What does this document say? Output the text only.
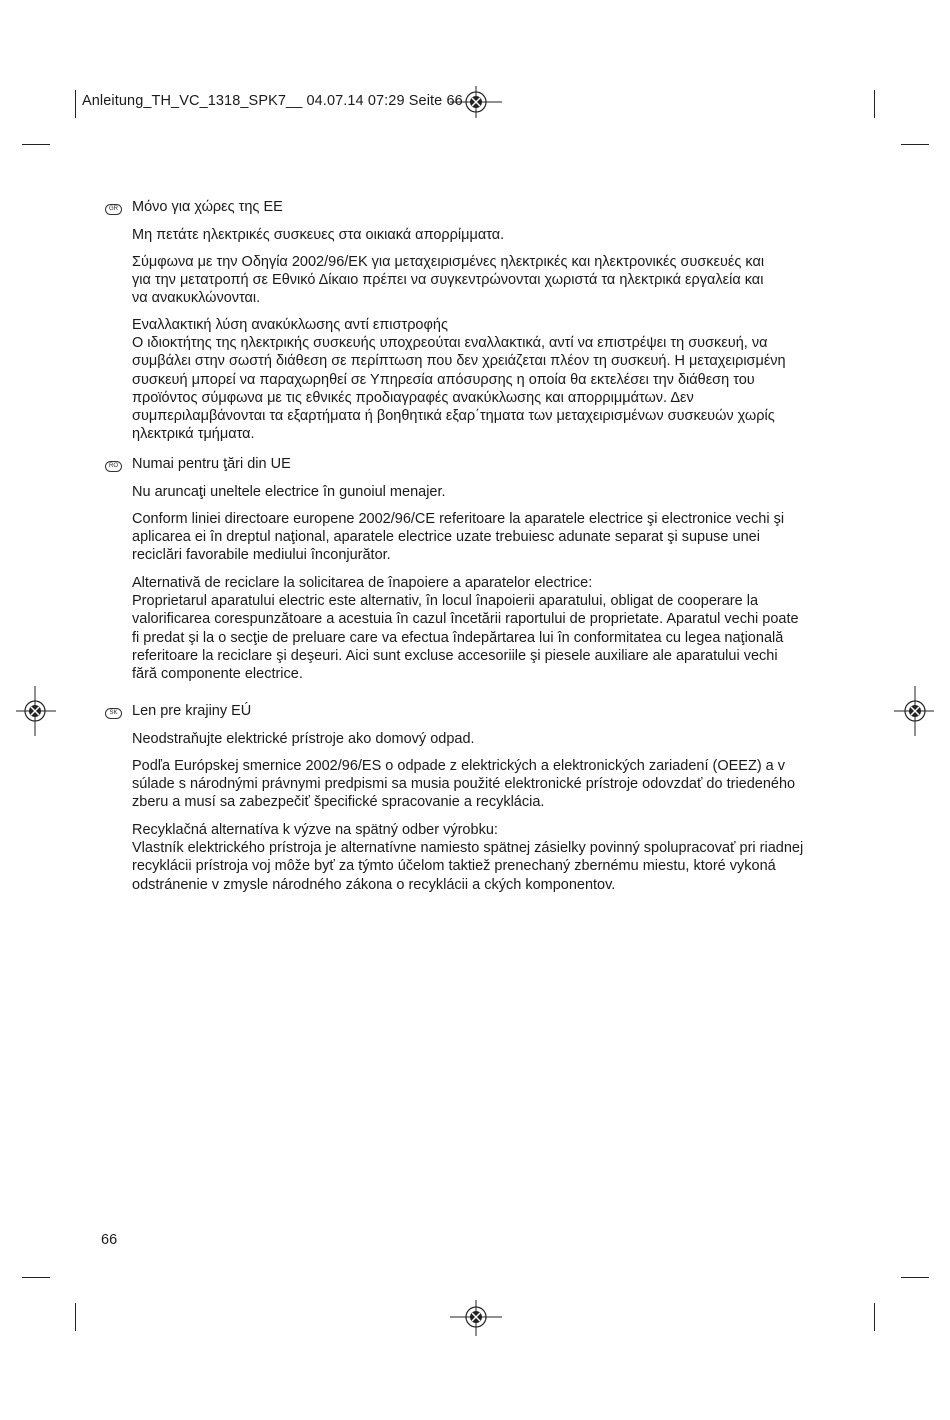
Anleitung_TH_VC_1318_SPK7__ 04.07.14 07:29 Seite 66
GR Μόνο για χώρες της ΕΕ

Μη πετάτε ηλεκτρικές συσκευες στα οικιακά απορρίμματα.

Σύμφωνα με την Οδηγία 2002/96/ΕΚ για μεταχειρισμένες ηλεκτρικές και ηλεκτρονικές συσκευές και
για την μετατροπή σε Εθνικό Δίκαιο πρέπει να συγκεντρώνονται χωριστά τα ηλεκτρικά εργαλεία και
να ανακυκλώνονται.

Εναλλακτική λύση ανακύκλωσης αντί επιστροφής
Ο ιδιοκτήτης της ηλεκτρικής συσκευής υποχρεούται εναλλακτικά, αντί να επιστρέψει τη συσκευή, να
συμβάλει στην σωστή διάθεση σε περίπτωση που δεν χρειάζεται πλέον τη συσκευή. Η μεταχειρισμένη
συσκευή μπορεί να παραχωρηθεί σε Υπηρεσία απόσυρσης η οποία θα εκτελέσει την διάθεση του
προϊόντος σύμφωνα με τις εθνικές προδιαγραφές ανακύκλωσης και απορριμμάτων. Δεν
συμπεριλαμβάνονται τα εξαρτήματα ή βοηθητικά εξαρ΄τηματα των μεταχειρισμένων συσκευών χωρίς
ηλεκτρικά τμήματα.

RO Numai pentru ţări din UE

Nu aruncaţi uneltele electrice în gunoiul menajer.

Conform liniei directoare europene 2002/96/CE referitoare la aparatele electrice şi electronice vechi şi
aplicarea ei în dreptul naţional, aparatele electrice uzate trebuiesc adunate separat şi supuse unei
reciclări favorabile mediului înconjurător.

Alternativă de reciclare la solicitarea de înapoiere a aparatelor electrice:
Proprietarul aparatului electric este alternativ, în locul înapoierii aparatului, obligat de cooperare la
valorificarea corespunzătoare a acestuia în cazul încetării raportului de proprietate. Aparatul vechi poate
fi predat şi la o secţie de preluare care va efectua îndepărtarea lui în conformitatea cu legea naţională
referitoare la reciclare şi deşeuri. Aici sunt excluse accesoriile şi piesele auxiliare ale aparatului vechi
fără componente electrice.

SK	Len pre krajiny EÚ

Neodstraňujte elektrické prístroje ako domový odpad.

Podľa Európskej smernice 2002/96/ES o odpade z elektrických a elektronických zariadení (OEEZ) a v
súlade s národnými právnymi predpismi sa musia použité elektronické prístroje odovzdať do triedeného
zberu a musí sa zabezpečiť špecifické spracovanie a recyklácia.

Recyklačná alternatíva k výzve na spätný odber výrobku:
Vlastník elektrického prístroja je alternatívne namiesto spätnej zásielky povinný spolupracovať pri riadnej
recyklácii prístroja voj môže byť za týmto účelom taktiež prenechaný zbernému miestu, ktoré vykoná
odstránenie v zmysle národného zákona o recyklácii a ckých komponentov.

66
